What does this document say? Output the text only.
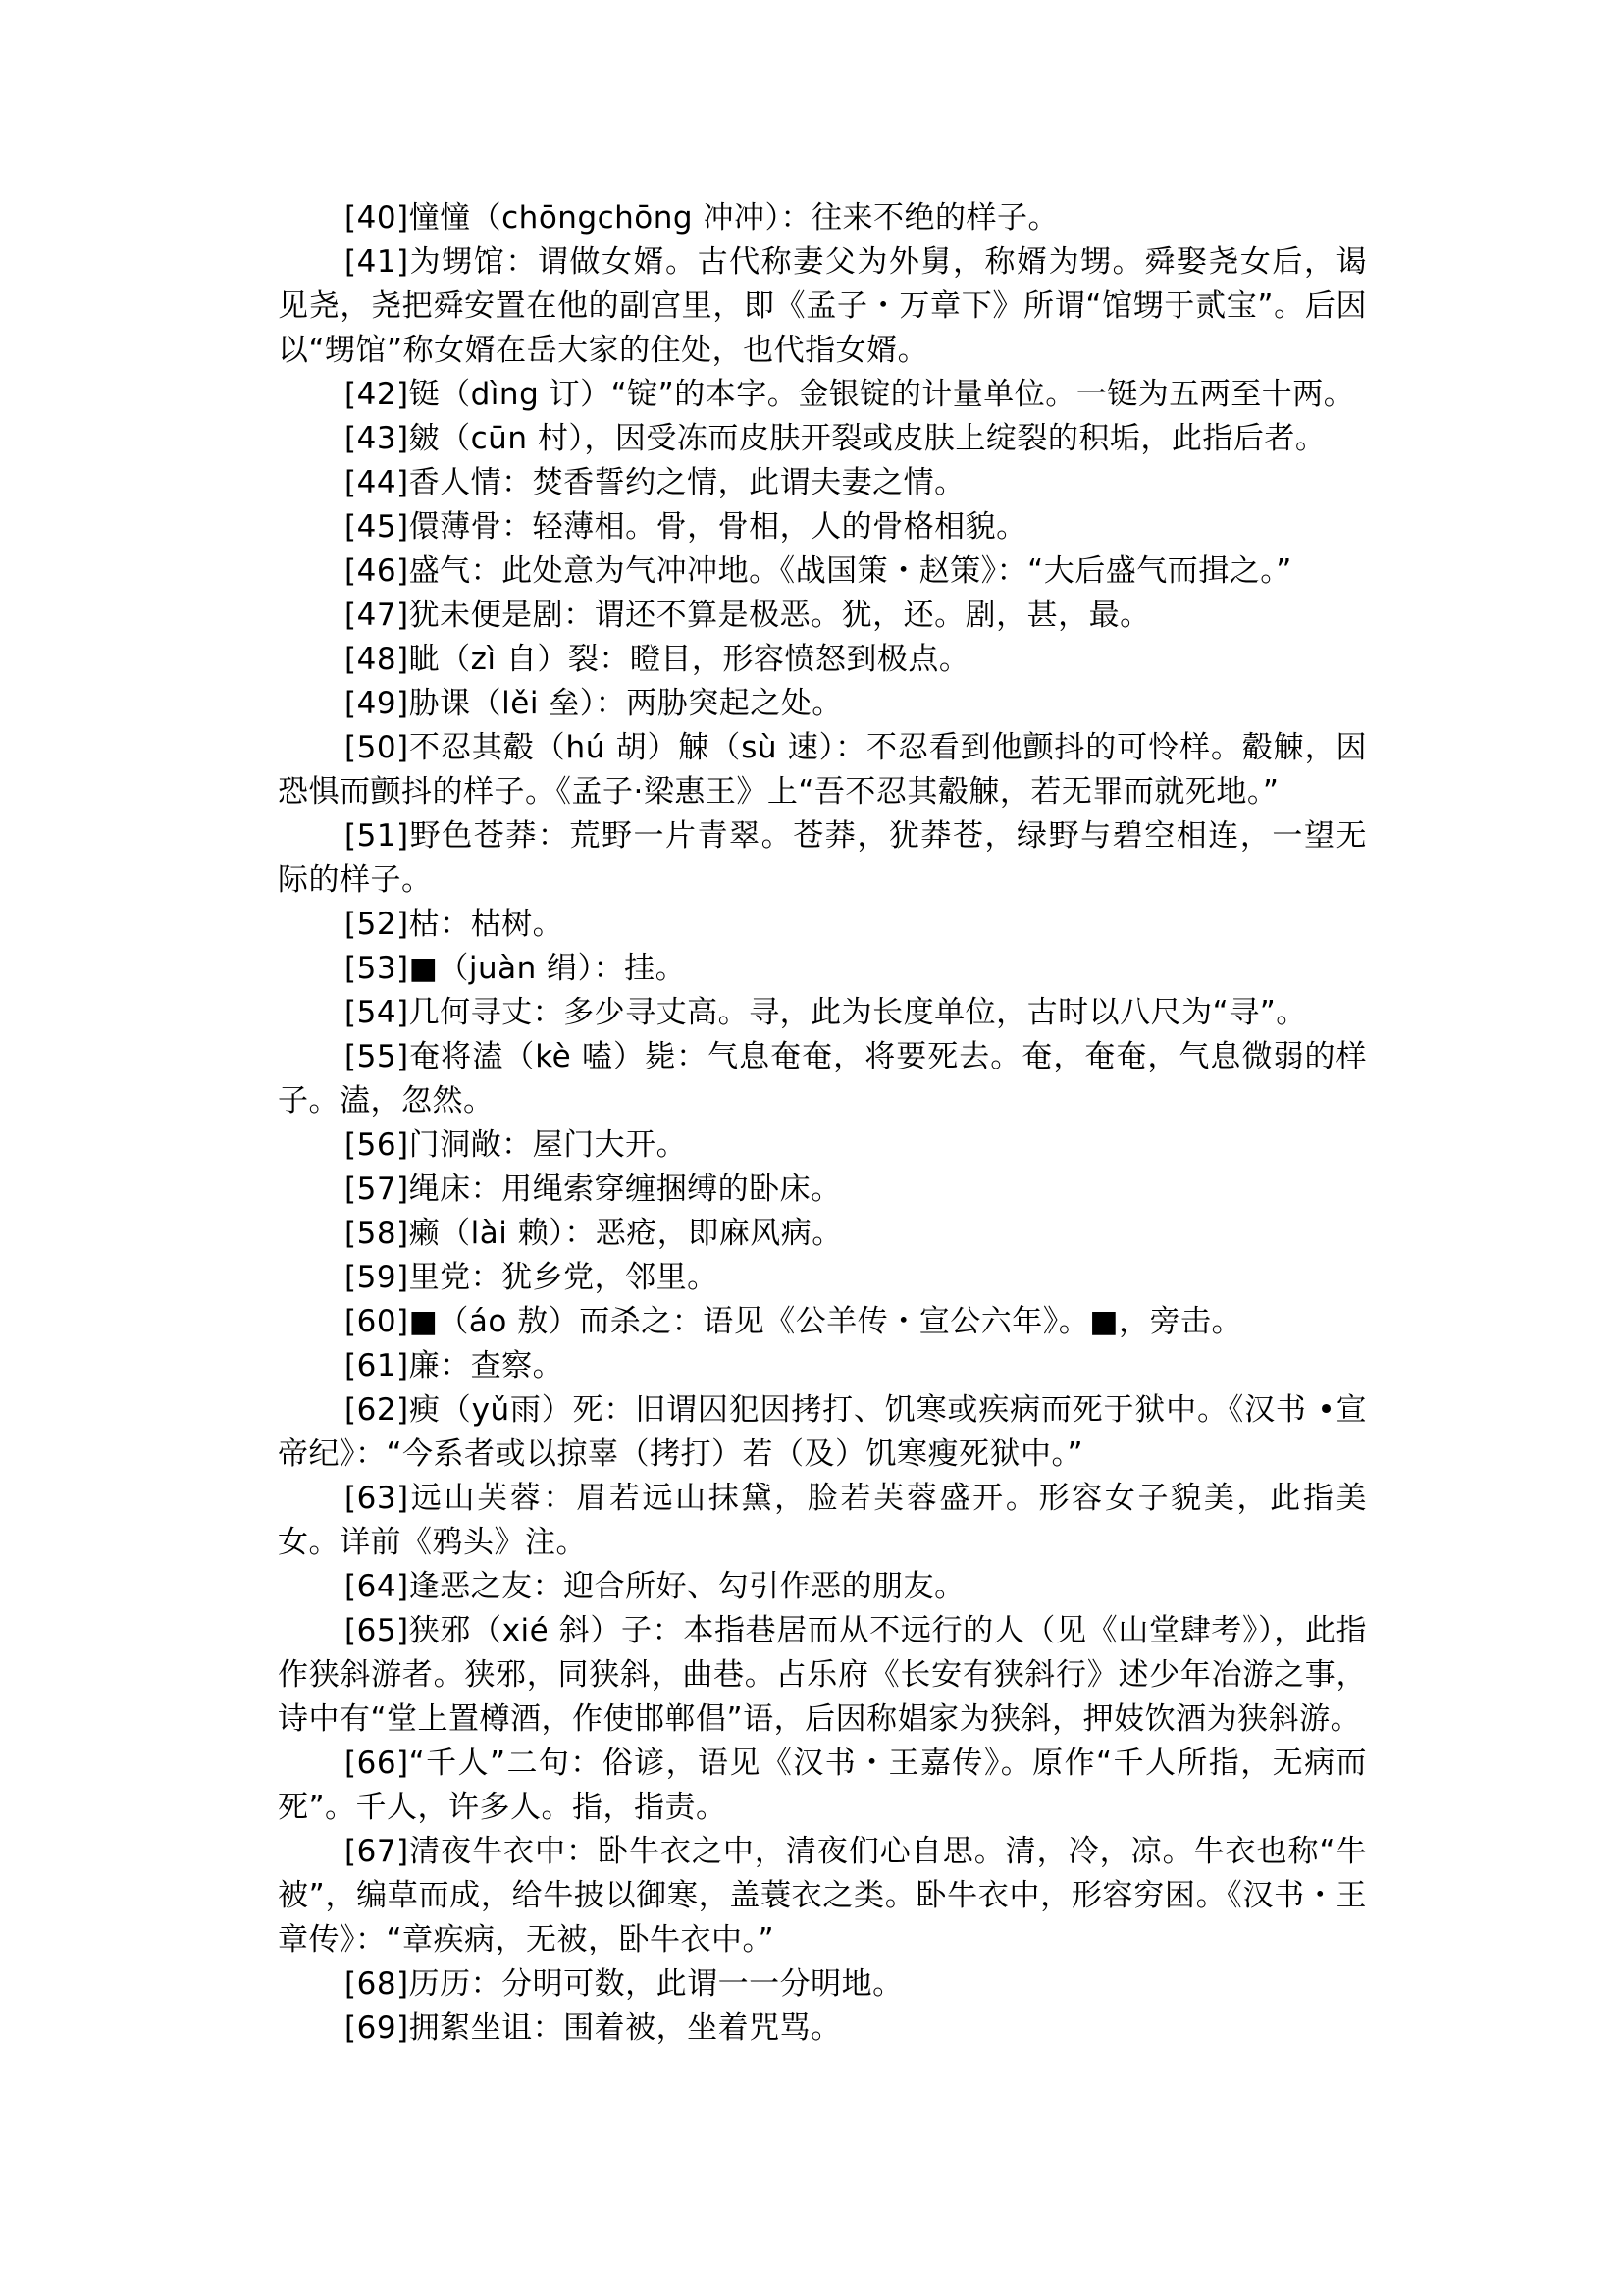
[40]憧憧（chōngchōng 冲冲）：往来不绝的样子。

[41]为甥馆：谓做女婿。古代称妻父为外舅，称婿为甥。舜娶尧女后，谒见尧，尧把舜安置在他的副宫里，即《孟子・万章下》所谓“馆甥于贰宝”。后因以“甥馆”称女婿在岳大家的住处，也代指女婿。

[42]铤（dìng 订）“锭”的本字。金银锭的计量单位。一铤为五两至十两。

[43]皴（cūn 村），因受冻而皮肤开裂或皮肤上绽裂的积垢，此指后者。

[44]香人情：焚香誓约之情，此谓夫妻之情。

[45]儇薄骨：轻薄相。骨，骨相，人的骨格相貌。

[46]盛气：此处意为气冲冲地。《战国策・赵策》：“大后盛气而揖之。”

[47]犹未便是剧：谓还不算是极恶。犹，还。剧，甚，最。

[48]眦（zì 自）裂：瞪目，形容愤怒到极点。

[49]胁课（lěi 垒）：两胁突起之处。

[50]不忍其觳（hú 胡）觫（sù 速）：不忍看到他颤抖的可怜样。觳觫，因恐惧而颤抖的样子。《孟子·梁惠王》上“吾不忍其觳觫，若无罪而就死地。”

[51]野色苍莽：荒野一片青翠。苍莽，犹莽苍，绿野与碧空相连，一望无际的样子。

[52]枯：枯树。

[53]■（juàn 绢）：挂。

[54]几何寻丈：多少寻丈高。寻，此为长度单位，古时以八尺为“寻”。

[55]奄将溘（kè 嗑）毙：气息奄奄，将要死去。奄，奄奄，气息微弱的样子。溘，忽然。

[56]门洞敞：屋门大开。

[57]绳床：用绳索穿缠捆缚的卧床。

[58]癞（lài 赖）：恶疮，即麻风病。

[59]里党：犹乡党，邻里。

[60]■（áo 敖）而杀之：语见《公羊传・宣公六年》。■，旁击。

[61]廉：查察。

[62]瘐（yǔ雨）死：旧谓囚犯因拷打、饥寒或疾病而死于狱中。《汉书 •宣帝纪》：“今系者或以掠辜（拷打）若（及）饥寒瘦死狱中。”

[63]远山芙蓉：眉若远山抹黛，脸若芙蓉盛开。形容女子貌美，此指美女。详前《鸦头》注。

[64]逢恶之友：迎合所好、勾引作恶的朋友。

[65]狭邪（xié 斜）子：本指巷居而从不远行的人（见《山堂肆考》），此指作狭斜游者。狭邪，同狭斜，曲巷。占乐府《长安有狭斜行》述少年冶游之事，诗中有“堂上置樽酒，作使邯郸倡”语，后因称娼家为狭斜，押妓饮酒为狭斜游。

[66]“千人”二句：俗谚，语见《汉书・王嘉传》。原作“千人所指，无病而死”。千人，许多人。指，指责。

[67]清夜牛衣中：卧牛衣之中，清夜们心自思。清，冷，凉。牛衣也称“牛被”，编草而成，给牛披以御寒，盖蓑衣之类。卧牛衣中，形容穷困。《汉书・王章传》：“章疾病，无被，卧牛衣中。”

[68]历历：分明可数，此谓一一分明地。

[69]拥絮坐诅：围着被，坐着咒骂。
